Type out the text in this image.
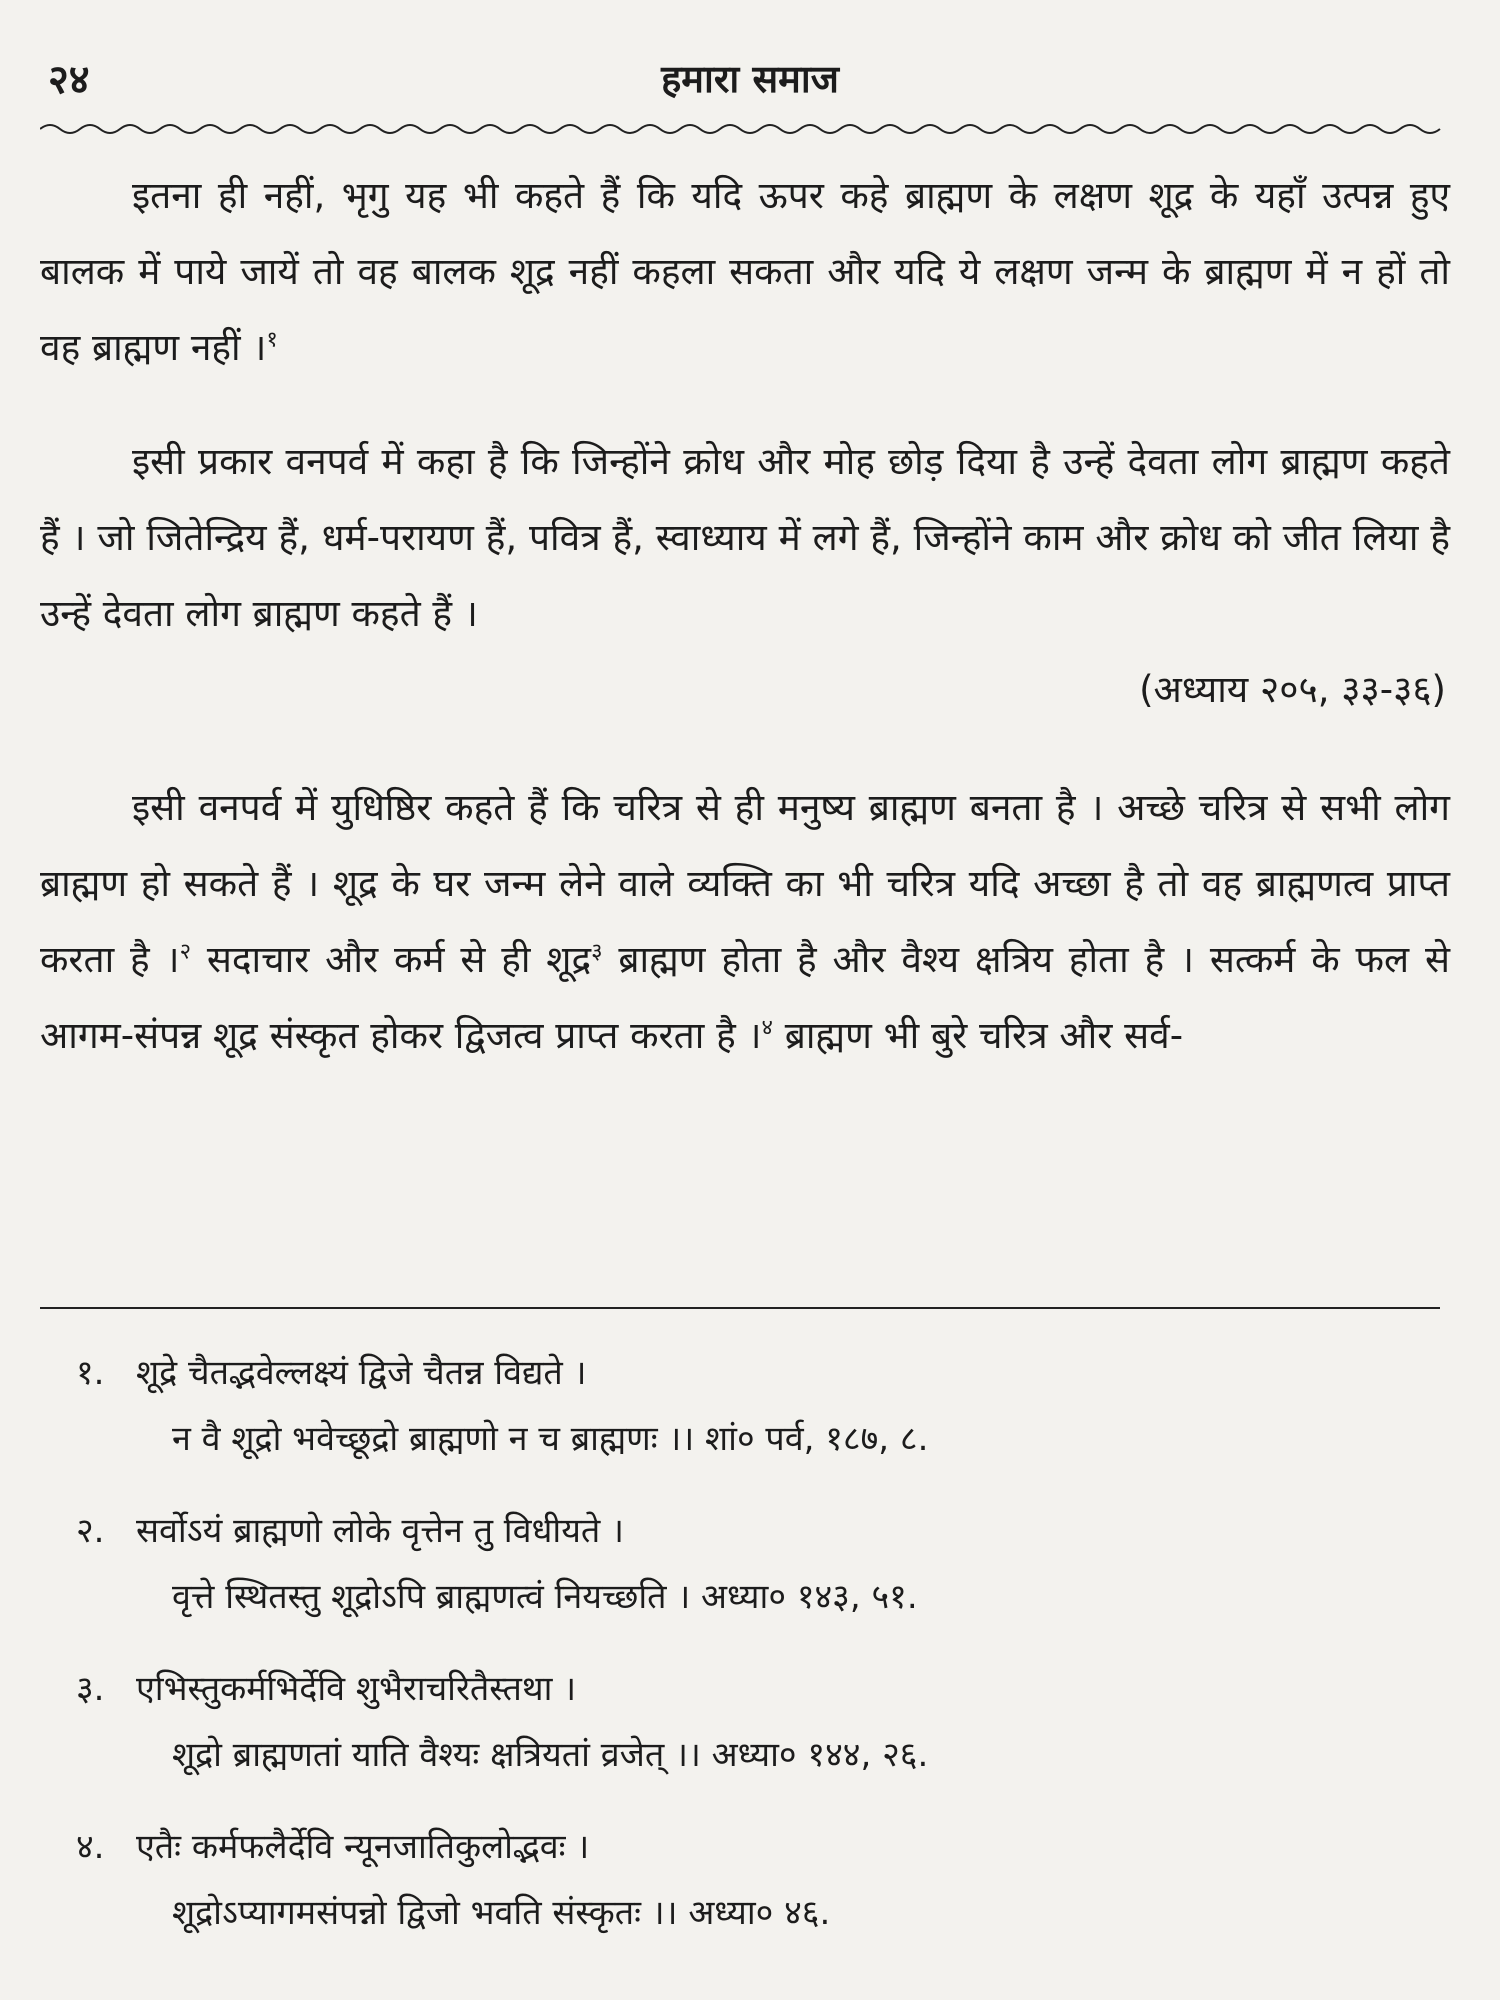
२४	हमारा समाज

इतना ही नहीं, भृगु यह भी कहते हैं कि यदि ऊपर कहे ब्राह्मण के लक्षण शूद्र के यहाँ उत्पन्न हुए बालक में पाये जायें तो वह बालक शूद्र नहीं कहला सकता और यदि ये लक्षण जन्म के ब्राह्मण में न हों तो वह ब्राह्मण नहीं ।$^१$

इसी प्रकार वनपर्व में कहा है कि जिन्होंने क्रोध और मोह छोड़ दिया है उन्हें देवता लोग ब्राह्मण कहते हैं । जो जितेन्द्रिय हैं, धर्म-परायण हैं, पवित्र हैं, स्वाध्याय में लगे हैं, जिन्होंने काम और क्रोध को जीत लिया है उन्हें देवता लोग ब्राह्मण कहते हैं ।

(अध्याय २०५, ३३-३६)

इसी वनपर्व में युधिष्ठिर कहते हैं कि चरित्र से ही मनुष्य ब्राह्मण बनता है । अच्छे चरित्र से सभी लोग ब्राह्मण हो सकते हैं । शूद्र के घर जन्म लेने वाले व्यक्ति का भी चरित्र यदि अच्छा है तो वह ब्राह्मणत्व प्राप्त करता है ।$^२$ सदाचार और कर्म से ही शूद्र$^३$ ब्राह्मण होता है और वैश्य क्षत्रिय होता है । सत्कर्म के फल से आगम-संपन्न शूद्र संस्कृत होकर द्विजत्व प्राप्त करता है ।$^४$ ब्राह्मण भी बुरे चरित्र और सर्व-

१. शूद्रे चैतद्भवेल्लक्ष्यं द्विजे चैतन्न विद्यते ।
न वै शूद्रो भवेच्छूद्रो ब्राह्मणो न च ब्राह्मणः ।। शां० पर्व, १८७, ८.
२. सर्वोऽयं ब्राह्मणो लोके वृत्तेन तु विधीयते ।
वृत्ते स्थितस्तु शूद्रोऽपि ब्राह्मणत्वं नियच्छति । अध्या० १४३, ५१.
३. एभिस्तुकर्मभिर्देवि शुभैराचरितैस्तथा ।
शूद्रो ब्राह्मणतां याति वैश्यः क्षत्रियतां व्रजेत् ।। अध्या० १४४, २६.
४. एतैः कर्मफलैर्देवि न्यूनजातिकुलोद्भवः ।
शूद्रोऽप्यागमसंपन्नो द्विजो भवति संस्कृतः ।। अध्या० ४६.
